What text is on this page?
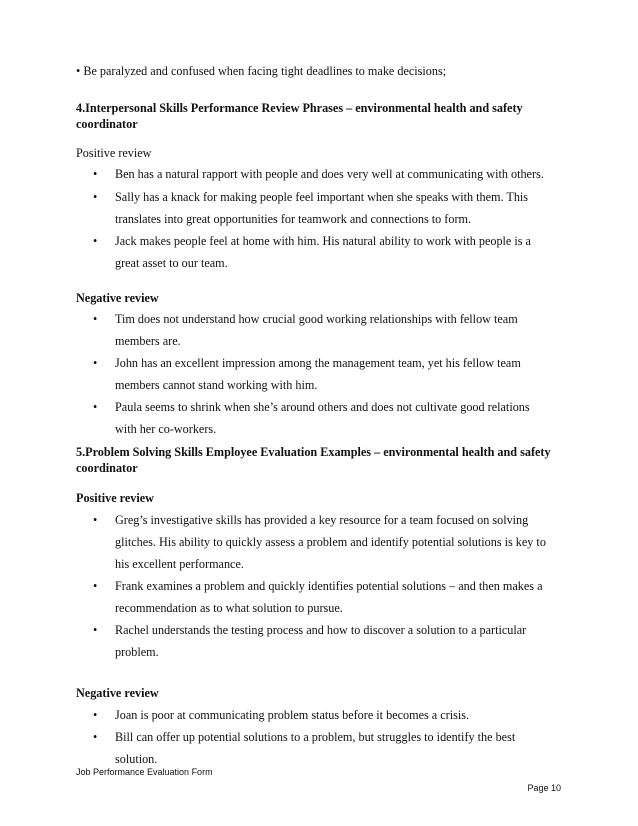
• Be paralyzed and confused when facing tight deadlines to make decisions;
4.Interpersonal Skills Performance Review Phrases – environmental health and safety
coordinator
Positive review
• Ben has a natural rapport with people and does very well at communicating with others.
• Sally has a knack for making people feel important when she speaks with them. This
translates into great opportunities for teamwork and connections to form.
• Jack makes people feel at home with him. His natural ability to work with people is a
great asset to our team.
Negative review
• Tim does not understand how crucial good working relationships with fellow team
members are.
• John has an excellent impression among the management team, yet his fellow team
members cannot stand working with him.
• Paula seems to shrink when she’s around others and does not cultivate good relations
with her co-workers.
5.Problem Solving Skills Employee Evaluation Examples – environmental health and safety
coordinator
Positive review
• Greg’s investigative skills has provided a key resource for a team focused on solving
glitches. His ability to quickly assess a problem and identify potential solutions is key to
his excellent performance.
• Frank examines a problem and quickly identifies potential solutions – and then makes a
recommendation as to what solution to pursue.
• Rachel understands the testing process and how to discover a solution to a particular
problem.
Negative review
• Joan is poor at communicating problem status before it becomes a crisis.
• Bill can offer up potential solutions to a problem, but struggles to identify the best
solution.
Job Performance Evaluation Form
Page 10
